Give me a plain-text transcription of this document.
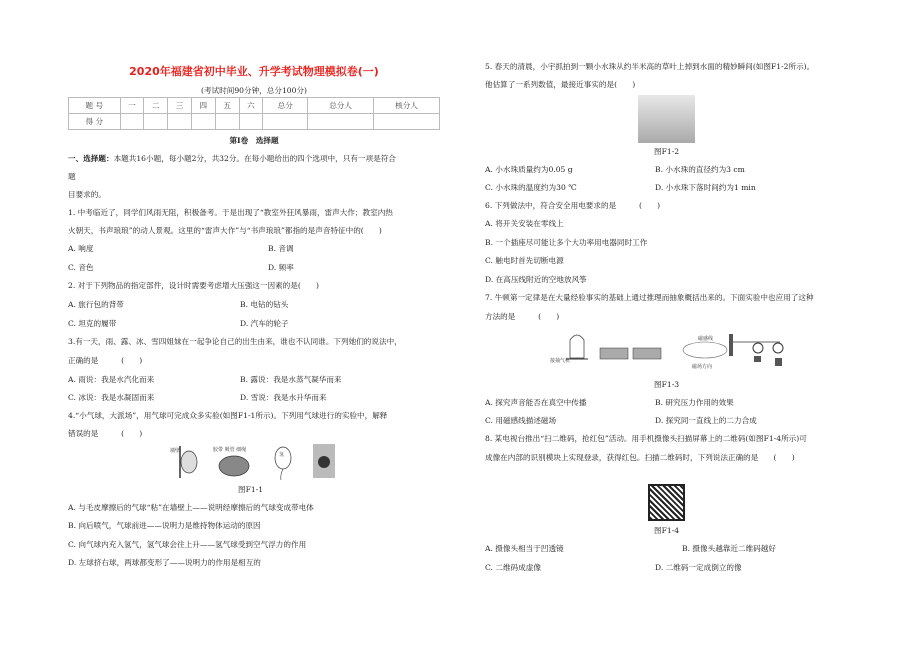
2020年福建省初中毕业、升学考试物理模拟卷(一)
(考试时间90分钟，总分100分)
题 号	一	二	三	四	五	六	总分	总分人	核分人
得 分									
第Ⅰ卷　选择题
一、选择题：本题共16小题，每小题2分，共32分。在每小题给出的四个选项中，只有一项是符合
题
目要求的。
1. 中考临近了，同学们风雨无阻，积极备考。于是出现了“教室外狂风暴雨，雷声大作；教室内热
火朝天，书声琅琅”的动人景观。这里的“雷声大作”与“书声琅琅”都指的是声音特征中的(　　)
A. 响度	B. 音调
C. 音色	D. 频率
2. 对于下列物品的指定部件，设计时需要考虑增大压强这一因素的是(　　)
A. 旅行包的背带	B. 电钻的钻头
C. 坦克的履带	D. 汽车的轮子
3.有一天，雨、露、冰、雪四姐妹在一起争论自己的出生由来，谁也不认同谁。下列她们的说法中，
正确的是　　　(　　)
A. 雨说：我是水汽化而来	B. 露说：我是水蒸气凝华而来
C. 冰说：我是水凝固而来	D. 雪说：我是水升华而来
4.“小气球，大派场”，用气球可完成众多实验(如图F1-1所示)。下列用气球进行的实验中，解释
错误的是　　　(　　)
墙壁	胶带 吸管 细绳
氢
图F1-1
A. 与毛皮摩擦后的气球“粘”在墙壁上——说明经摩擦后的气球变成带电体
B. 向后喷气，气球前进——说明力是维持物体运动的原因
C. 向气球内充入氢气，氢气球会往上升——氢气球受到空气浮力的作用
D. 左球挤右球，两球都变形了——说明力的作用是相互的
5. 春天的清晨，小宇抓拍到一颗小水珠从约半米高的草叶上掉到水面的精妙瞬间(如图F1-2所示)。
他估算了一系列数值，最接近事实的是(　　)
图F1-2
A. 小水珠质量约为0.05 g	B. 小水珠的直径约为3 cm
C. 小水珠的温度约为30 ℃	D. 小水珠下落时间约为1 min
6. 下列做法中，符合安全用电要求的是　　　(　　)
A. 将开关安装在零线上
B. 一个插座尽可能让多个大功率用电器同时工作
C. 触电时首先切断电源
D. 在高压线附近的空地放风筝
7. 牛顿第一定律是在大量经验事实的基础上通过推理而抽象概括出来的。下面实验中也应用了这种
方法的是　　　(　　)
接抽气机
磁感线
磁场方向
图F1-3
A. 探究声音能否在真空中传播	B. 研究压力作用的效果
C. 用磁感线描述磁场	D. 探究同一直线上的二力合成
8. 某电视台推出“扫二维码，抢红包”活动。用手机摄像头扫描屏幕上的二维码(如图F1-4所示)可
成像在内部的识别模块上实现登录，获得红包。扫描二维码时，下列说法正确的是　　(　　)
图F1-4
A. 摄像头相当于凹透镜	B. 摄像头越靠近二维码越好
C. 二维码成虚像	D. 二维码一定成倒立的像
